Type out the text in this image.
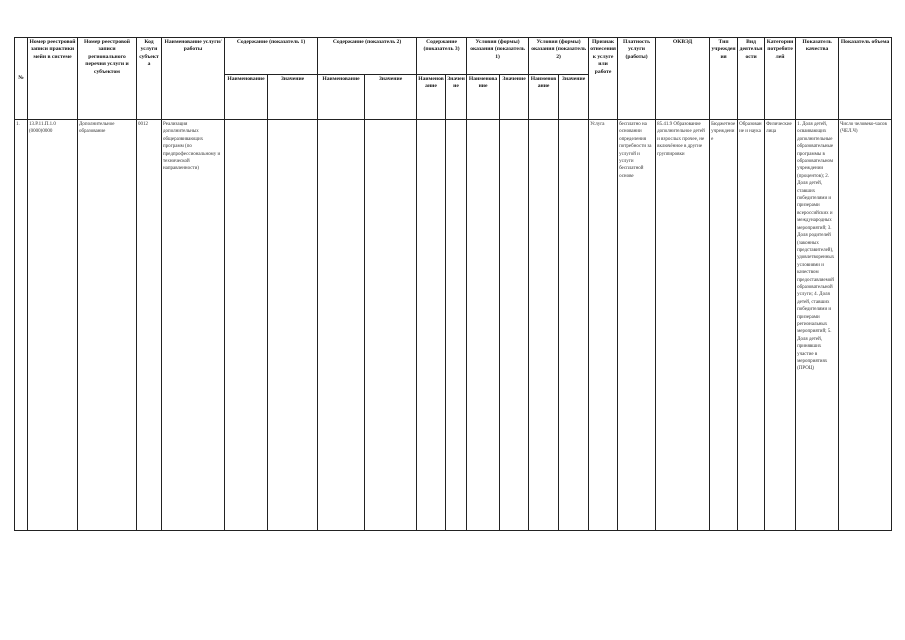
№	Номер реестровой записи практики мейн в системе	Номер реестровой записи регионального перечня услуги и субъектом	Код услуги субъекта	Наименование услуги/работы	Содержание (показатель 1)		Содержание (показатель 2)		Содержание (показатель 3)		Условия (формы) оказания (показатель 1)		Условия (формы) оказания (показатель 2)		Признак отнесения к услуге или работе	Платность услуги (работы)	ОКВЭД	Тип учреждения	Вид деятельности	Категории потребителей	Показатель качества	Показатель объема
					Наименование	Значение	Наименование	Значение	Наименование	Значение	Наименование	Значение	Наименование	Значение								
1.	13.Р.11.П.1.0 (0000)0000	Дополнительное образование	0012	Реализация дополнительных общеразвивающих программ (по предпрофессиональному и технической направленности)											Услуга	бесплатно на основании определения потребности за услугой и услуги бесплатной основе	85.41.9 Образование дополнительное детей и взрослых прочее, не включённое в другие группировки	Бюджетное учреждение	Образование и наука	Физические лица	1. Доля детей, осваивающих дополнительные образовательные программы в образовательном учреждении (процентов); 2. Доля детей, ставших победителями и призерами всероссийских и международных мероприятий; 3. Доля родителей (законных представителей), удовлетворенных условиями и качеством предоставляемой образовательной услуги; 4. Доля детей, ставших победителями и призерами региональных мероприятий; 5. Доля детей, принявших участие в мероприятиях (ПРОЦ)	Число человеко-часов (ЧЕЛ.Ч)
